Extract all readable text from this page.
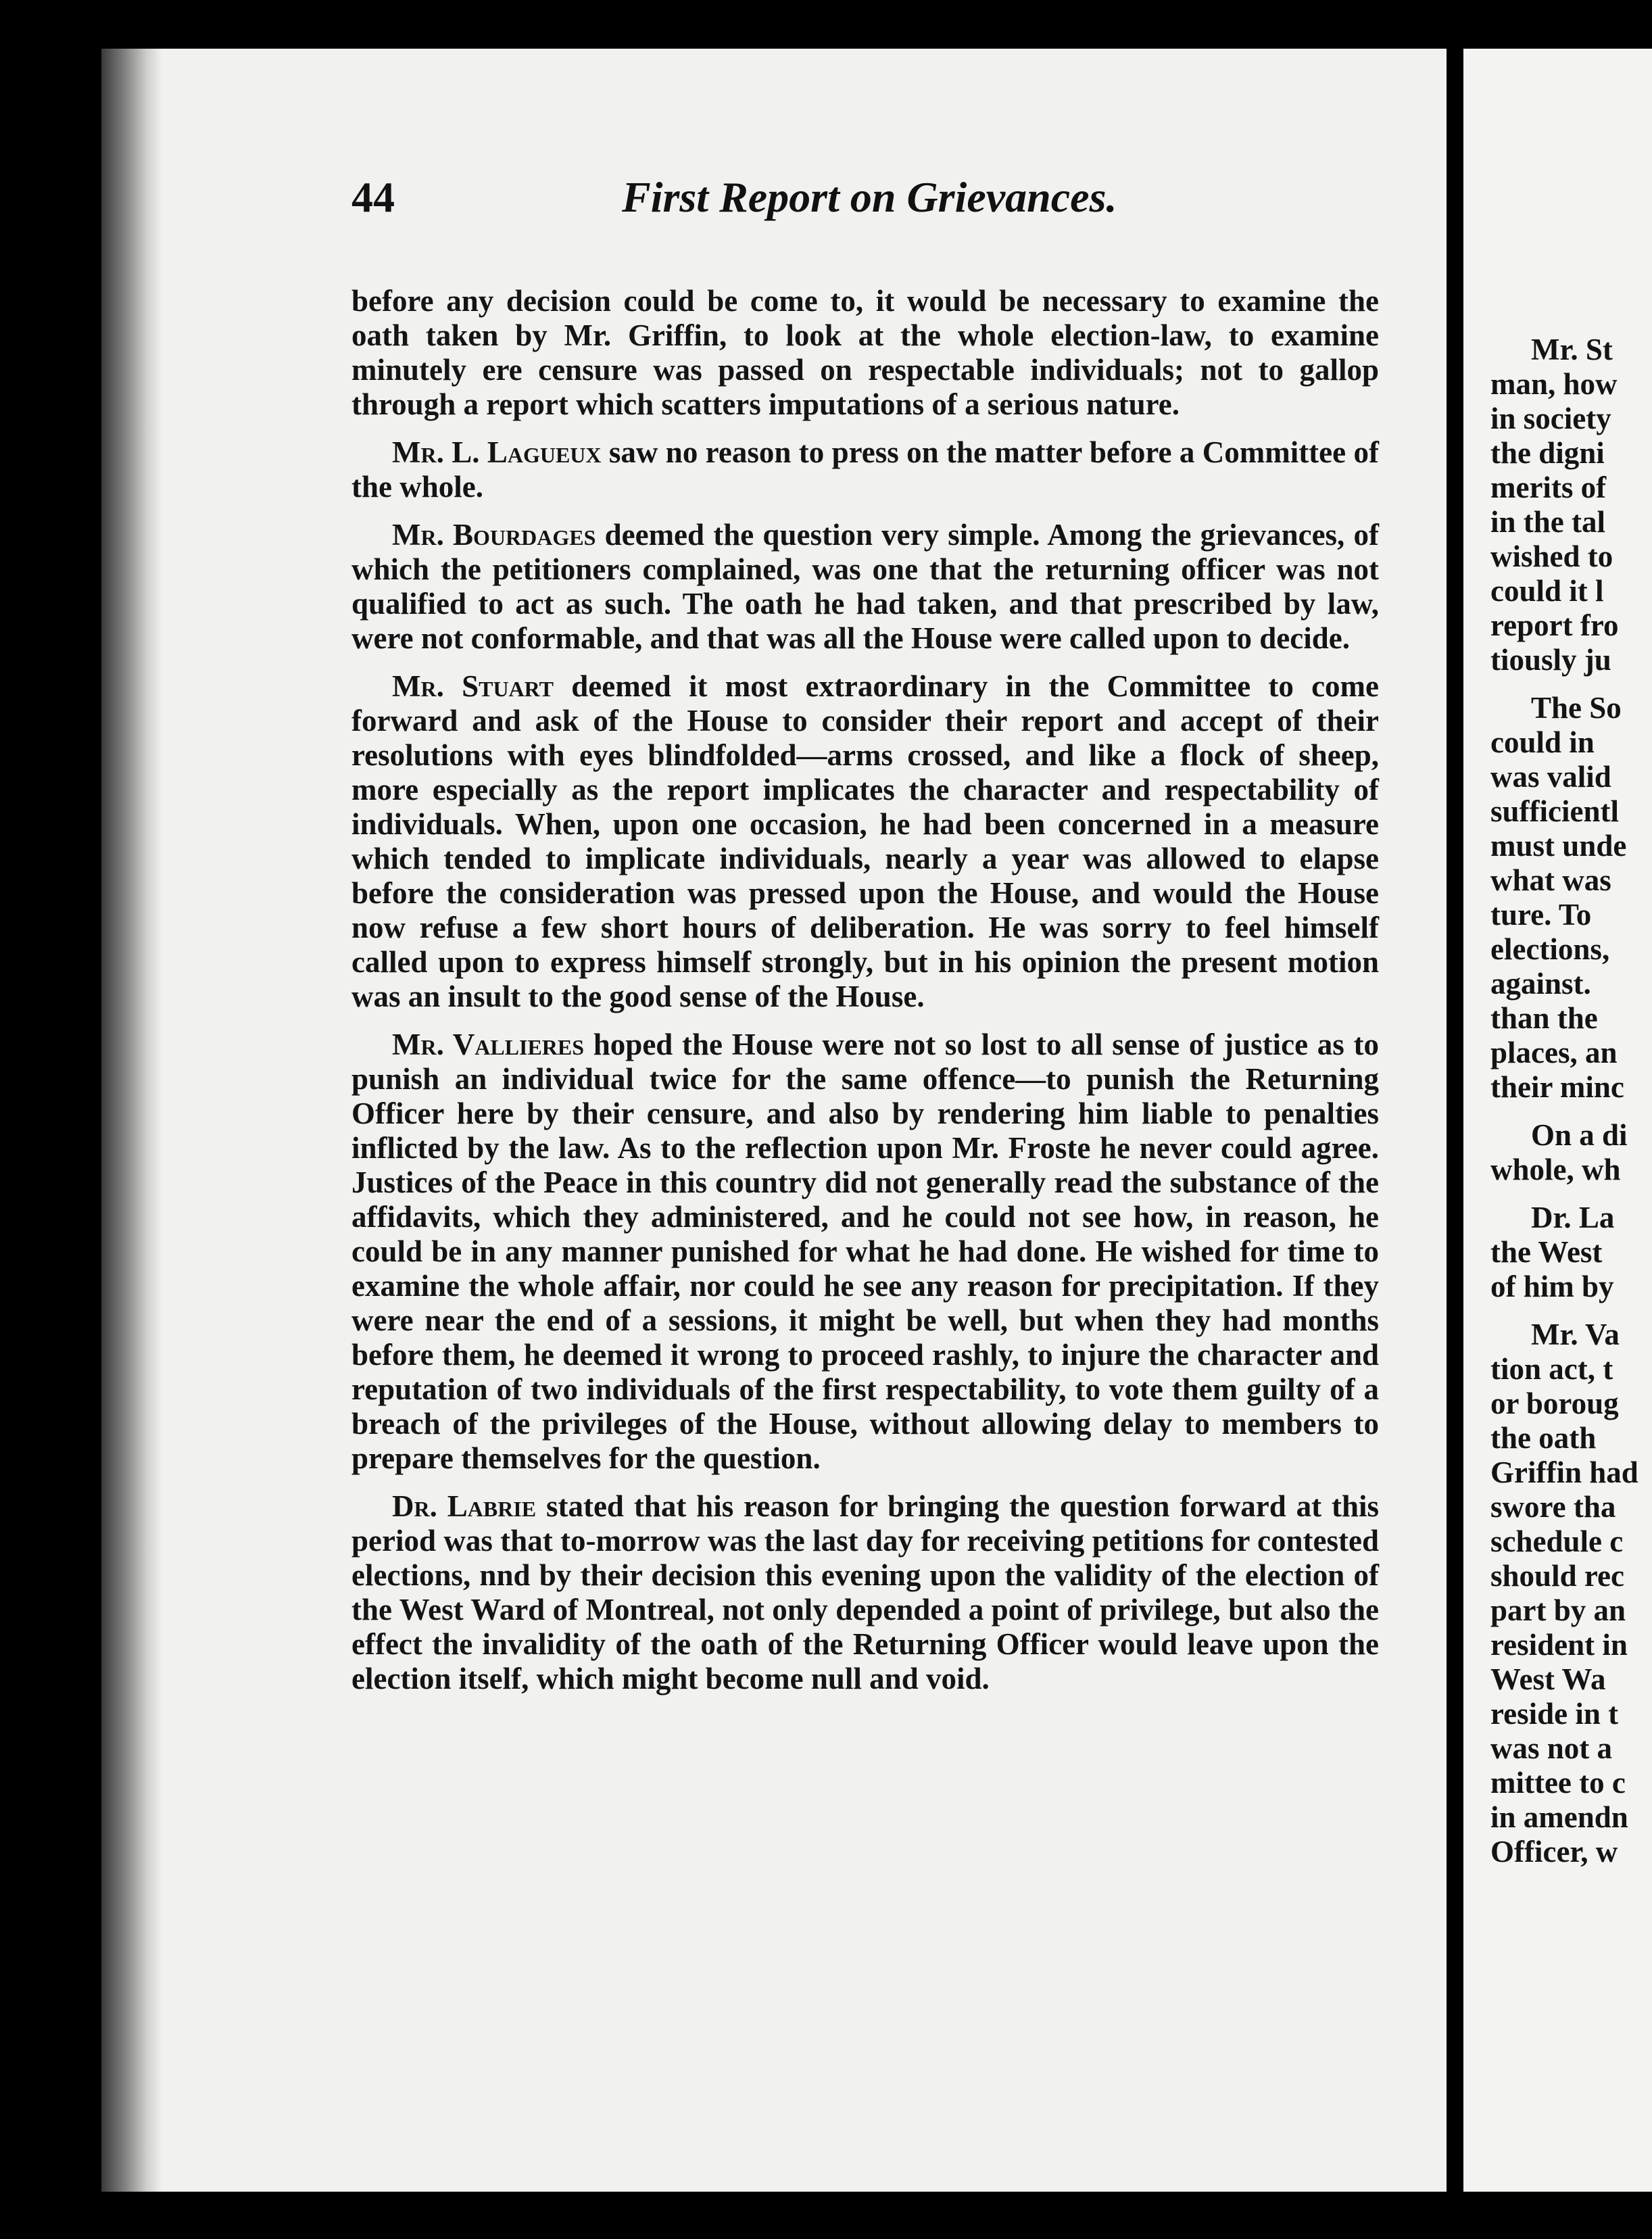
Mr. St
man, how
in society
the digni
merits of
in the tal
wished to
could it l
report fro
tiously ju
The So
could in
was valid
sufficientl
must unde
what was
ture. To
elections,
against.
than the
places, an
their minc
On a di
whole, wh
Dr. La
the West
of him by
Mr. Va
tion act, t
or boroug
the oath
Griffin had
swore tha
schedule c
should rec
part by an
resident in
West Wa
reside in t
was not a
mittee to c
in amendn
Officer, w
44	First Report on Grievances.

before any decision could be come to, it would be necessary to examine the oath taken by Mr. Griffin, to look at the whole election-law, to examine minutely ere censure was passed on respectable individuals; not to gallop through a report which scatters imputations of a serious nature.

Mr. L. Lagueux saw no reason to press on the matter before a Committee of the whole.

Mr. Bourdages deemed the question very simple. Among the grievances, of which the petitioners complained, was one that the returning officer was not qualified to act as such. The oath he had taken, and that prescribed by law, were not conformable, and that was all the House were called upon to decide.

Mr. Stuart deemed it most extraordinary in the Committee to come forward and ask of the House to consider their report and accept of their resolutions with eyes blindfolded—arms crossed, and like a flock of sheep, more especially as the report implicates the character and respectability of individuals. When, upon one occasion, he had been concerned in a measure which tended to implicate individuals, nearly a year was allowed to elapse before the consideration was pressed upon the House, and would the House now refuse a few short hours of deliberation. He was sorry to feel himself called upon to express himself strongly, but in his opinion the present motion was an insult to the good sense of the House.

Mr. Vallieres hoped the House were not so lost to all sense of justice as to punish an individual twice for the same offence—to punish the Returning Officer here by their censure, and also by rendering him liable to penalties inflicted by the law. As to the reflection upon Mr. Froste he never could agree. Justices of the Peace in this country did not generally read the substance of the affidavits, which they administered, and he could not see how, in reason, he could be in any manner punished for what he had done. He wished for time to examine the whole affair, nor could he see any reason for precipitation. If they were near the end of a sessions, it might be well, but when they had months before them, he deemed it wrong to proceed rashly, to injure the character and reputation of two individuals of the first respectability, to vote them guilty of a breach of the privileges of the House, without allowing delay to members to prepare themselves for the question.

Dr. Labrie stated that his reason for bringing the question forward at this period was that to-morrow was the last day for receiving petitions for contested elections, nnd by their decision this evening upon the validity of the election of the West Ward of Montreal, not only depended a point of privilege, but also the effect the invalidity of the oath of the Returning Officer would leave upon the election itself, which might become null and void.
